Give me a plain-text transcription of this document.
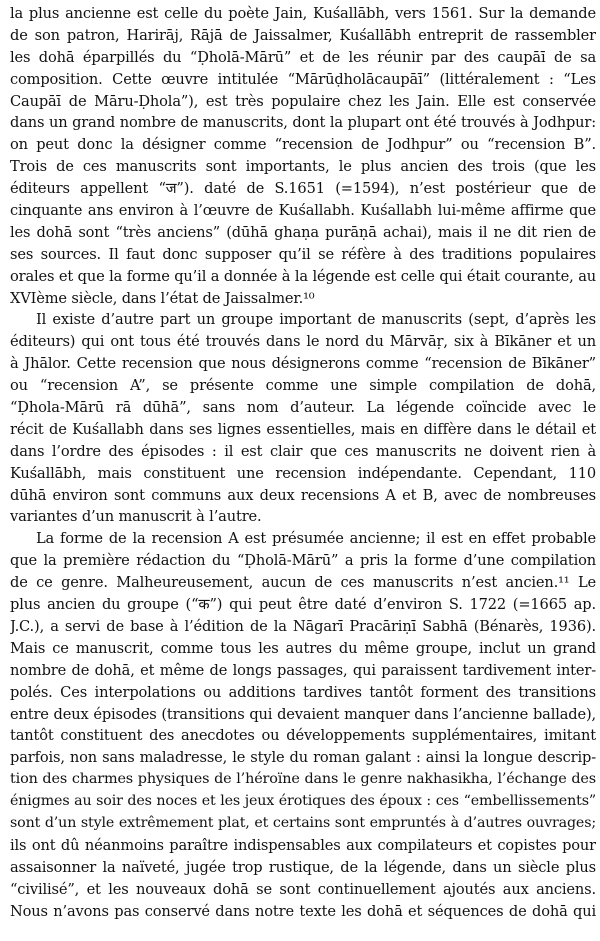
la plus ancienne est celle du poète Jain, Kuśallābh, vers 1561. Sur la demande
de son patron, Harirāj, Rājā de Jaissalmer, Kuśallābh entreprit de rassembler
les dohā éparpillés du “Ḍholā-Mārū” et de les réunir par des caupāī de sa
composition. Cette œuvre intitulée “Mārūḍholācaupāī” (littéralement : “Les
Caupāī de Māru-Ḍhola”), est très populaire chez les Jain. Elle est conservée
dans un grand nombre de manuscrits, dont la plupart ont été trouvés à Jodhpur:
on peut donc la désigner comme “recension de Jodhpur” ou “recension B”.
Trois de ces manuscrits sont importants, le plus ancien des trois (que les
éditeurs appellent “ज”). daté de S.1651 (=1594), n’est postérieur que de
cinquante ans environ à l’œuvre de Kuśallabh. Kuśallabh lui-même affirme que
les dohā sont “très anciens” (dūhā ghaṇa purāṇā achai), mais il ne dit rien de
ses sources. Il faut donc supposer qu’il se réfère à des traditions populaires
orales et que la forme qu’il a donnée à la légende est celle qui était courante, au
XVIème siècle, dans l’état de Jaissalmer.¹⁰
Il existe d’autre part un groupe important de manuscrits (sept, d’après les
éditeurs) qui ont tous été trouvés dans le nord du Mārvāṛ, six à Bīkāner et un
à Jhālor. Cette recension que nous désignerons comme “recension de Bīkāner”
ou “recension A”, se présente comme une simple compilation de dohā,
“Ḍhola-Mārū rā dūhā”, sans nom d’auteur. La légende coïncide avec le
récit de Kuśallabh dans ses lignes essentielles, mais en diffère dans le détail et
dans l’ordre des épisodes : il est clair que ces manuscrits ne doivent rien à
Kuśallābh, mais constituent une recension indépendante. Cependant, 110
dūhā environ sont communs aux deux recensions A et B, avec de nombreuses
variantes d’un manuscrit à l’autre.
La forme de la recension A est présumée ancienne; il est en effet probable
que la première rédaction du “Ḍholā-Mārū” a pris la forme d’une compilation
de ce genre. Malheureusement, aucun de ces manuscrits n’est ancien.¹¹ Le
plus ancien du groupe (“क”) qui peut être daté d’environ S. 1722 (=1665 ap.
J.C.), a servi de base à l’édition de la Nāgarī Pracāriṇī Sabhā (Bénarès, 1936).
Mais ce manuscrit, comme tous les autres du même groupe, inclut un grand
nombre de dohā, et même de longs passages, qui paraissent tardivement inter-
polés. Ces interpolations ou additions tardives tantôt forment des transitions
entre deux épisodes (transitions qui devaient manquer dans l’ancienne ballade),
tantôt constituent des anecdotes ou développements supplémentaires, imitant
parfois, non sans maladresse, le style du roman galant : ainsi la longue descrip-
tion des charmes physiques de l’héroïne dans le genre nakhasikha, l’échange des
énigmes au soir des noces et les jeux érotiques des époux : ces “embellissements”
sont d’un style extrêmement plat, et certains sont empruntés à d’autres ouvrages;
ils ont dû néanmoins paraître indispensables aux compilateurs et copistes pour
assaisonner la naïveté, jugée trop rustique, de la légende, dans un siècle plus
“civilisé”, et les nouveaux dohā se sont continuellement ajoutés aux anciens.
Nous n’avons pas conservé dans notre texte les dohā et séquences de dohā qui
